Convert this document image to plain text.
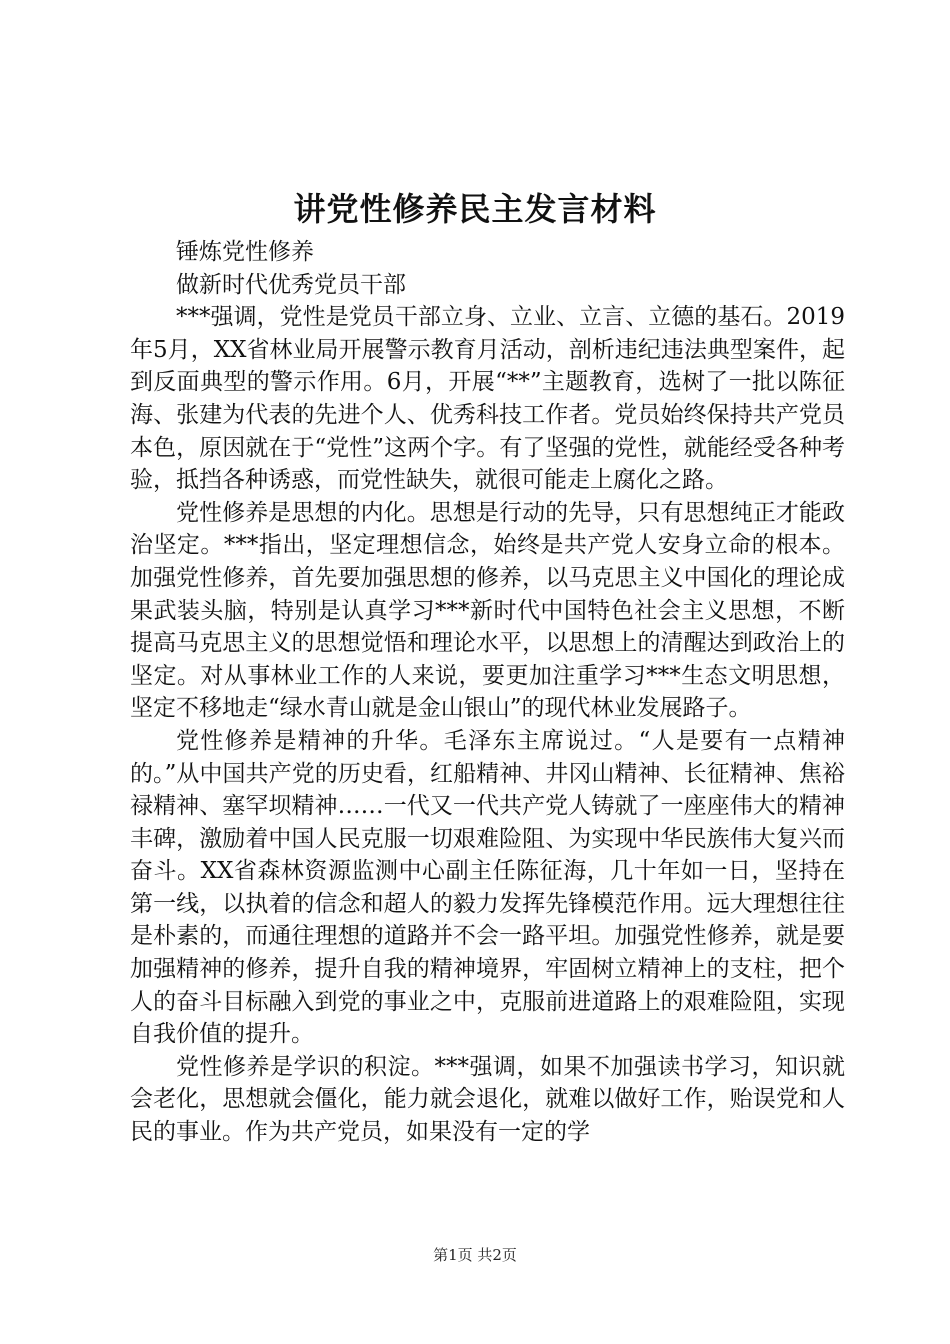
讲党性修养民主发言材料

锤炼党性修养

做新时代优秀党员干部

***强调，党性是党员干部立身、立业、立言、立德的基石。2019年5月，XX省林业局开展警示教育月活动，剖析违纪违法典型案件，起到反面典型的警示作用。6月，开展“**”主题教育，选树了一批以陈征海、张建为代表的先进个人、优秀科技工作者。党员始终保持共产党员本色，原因就在于“党性”这两个字。有了坚强的党性，就能经受各种考验，抵挡各种诱惑，而党性缺失，就很可能走上腐化之路。

党性修养是思想的内化。思想是行动的先导，只有思想纯正才能政治坚定。***指出，坚定理想信念，始终是共产党人安身立命的根本。加强党性修养，首先要加强思想的修养，以马克思主义中国化的理论成果武装头脑，特别是认真学习***新时代中国特色社会主义思想，不断提高马克思主义的思想觉悟和理论水平，以思想上的清醒达到政治上的坚定。对从事林业工作的人来说，要更加注重学习***生态文明思想，坚定不移地走“绿水青山就是金山银山”的现代林业发展路子。

党性修养是精神的升华。毛泽东主席说过。“人是要有一点精神的。”从中国共产党的历史看，红船精神、井冈山精神、长征精神、焦裕禄精神、塞罕坝精神……一代又一代共产党人铸就了一座座伟大的精神丰碑，激励着中国人民克服一切艰难险阻、为实现中华民族伟大复兴而奋斗。XX省森林资源监测中心副主任陈征海，几十年如一日，坚持在第一线，以执着的信念和超人的毅力发挥先锋模范作用。远大理想往往是朴素的，而通往理想的道路并不会一路平坦。加强党性修养，就是要加强精神的修养，提升自我的精神境界，牢固树立精神上的支柱，把个人的奋斗目标融入到党的事业之中，克服前进道路上的艰难险阻，实现自我价值的提升。

党性修养是学识的积淀。***强调，如果不加强读书学习，知识就会老化，思想就会僵化，能力就会退化，就难以做好工作，贻误党和人民的事业。作为共产党员，如果没有一定的学

第1页 共2页
